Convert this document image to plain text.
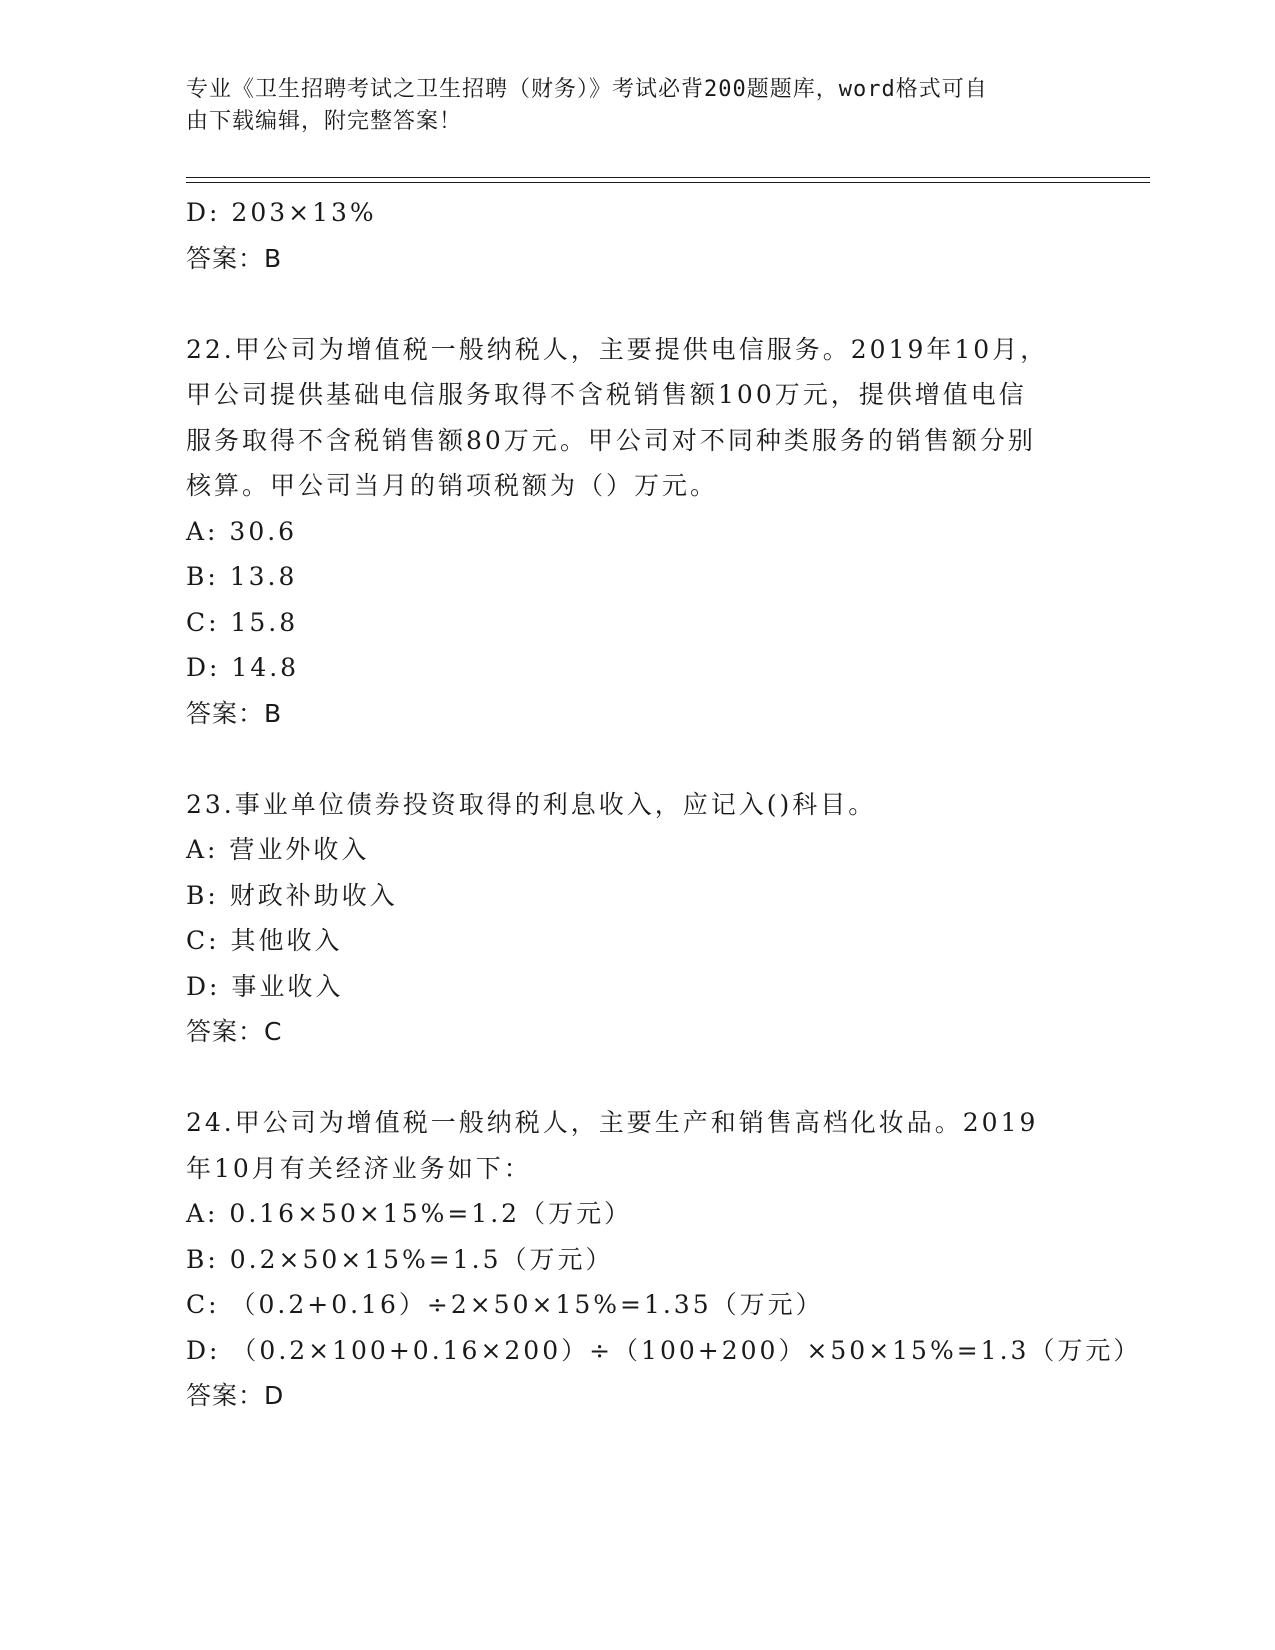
专业《卫生招聘考试之卫生招聘（财务）》考试必背200题题库，word格式可自
由下载编辑，附完整答案！
D: 203×13%
答案：B
22.甲公司为增值税一般纳税人，主要提供电信服务。2019年10月，
甲公司提供基础电信服务取得不含税销售额100万元，提供增值电信
服务取得不含税销售额80万元。甲公司对不同种类服务的销售额分别
核算。甲公司当月的销项税额为（）万元。
A: 30.6
B: 13.8
C: 15.8
D: 14.8
答案：B
23.事业单位债券投资取得的利息收入，应记入()科目。
A: 营业外收入
B: 财政补助收入
C: 其他收入
D: 事业收入
答案：C
24.甲公司为增值税一般纳税人，主要生产和销售高档化妆品。2019
年10月有关经济业务如下：
A: 0.16×50×15%=1.2（万元）
B: 0.2×50×15%=1.5（万元）
C: （0.2+0.16）÷2×50×15%=1.35（万元）
D: （0.2×100+0.16×200）÷（100+200）×50×15%=1.3（万元）
答案：D
